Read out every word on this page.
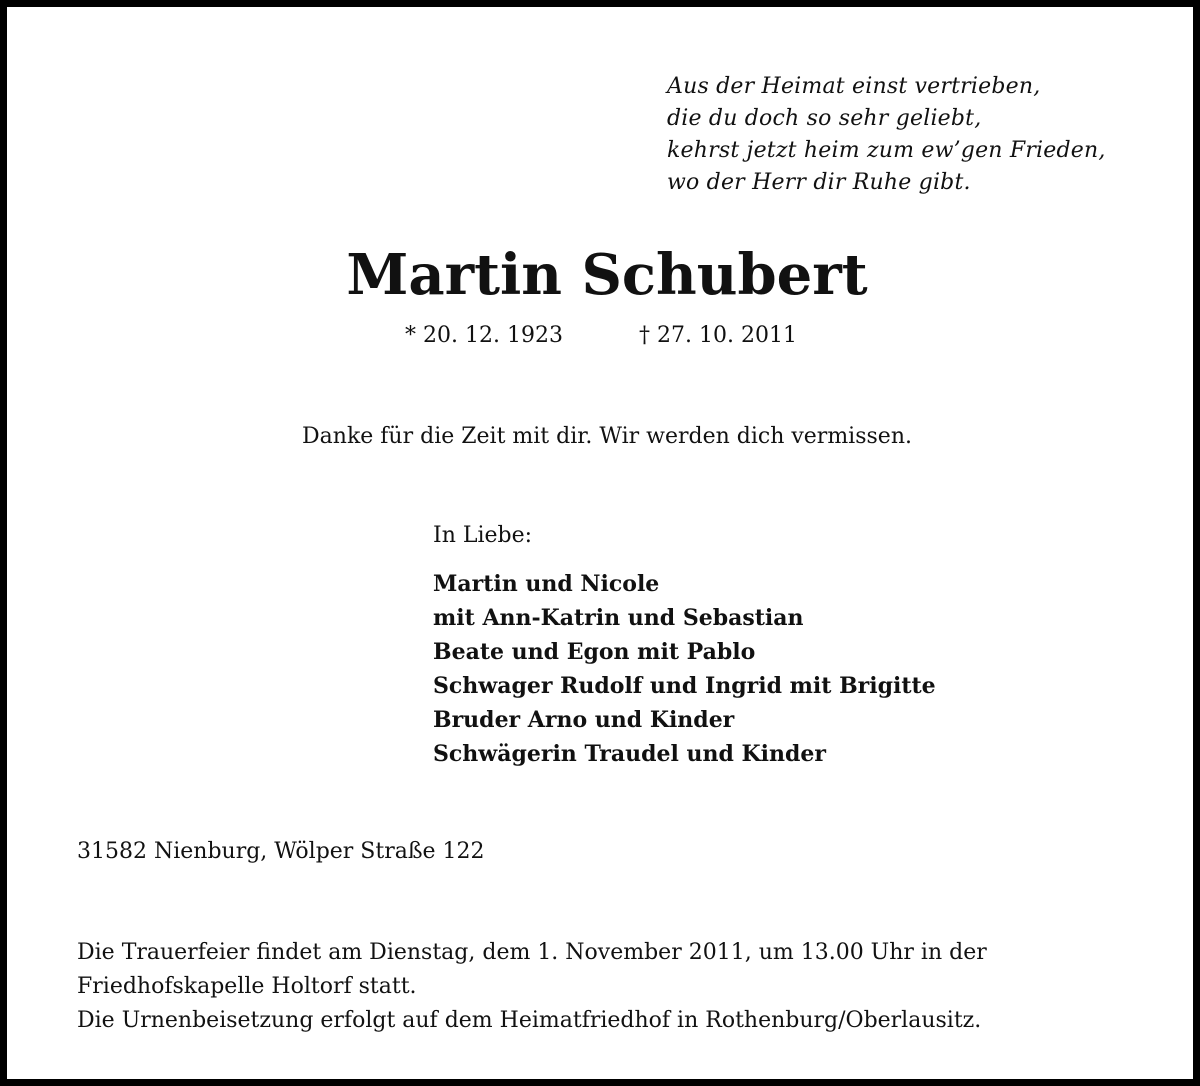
Aus der Heimat einst vertrieben,
die du doch so sehr geliebt,
kehrst jetzt heim zum ew’gen Frieden,
wo der Herr dir Ruhe gibt.
Martin Schubert
* 20. 12. 1923	† 27. 10. 2011
Danke für die Zeit mit dir. Wir werden dich vermissen.
In Liebe:
Martin und Nicole
mit Ann-Katrin und Sebastian
Beate und Egon mit Pablo
Schwager Rudolf und Ingrid mit Brigitte
Bruder Arno und Kinder
Schwägerin Traudel und Kinder
31582 Nienburg, Wölper Straße 122
Die Trauerfeier findet am Dienstag, dem 1. November 2011, um 13.00 Uhr in der
Friedhofskapelle Holtorf statt.
Die Urnenbeisetzung erfolgt auf dem Heimatfriedhof in Rothenburg/Oberlausitz.
